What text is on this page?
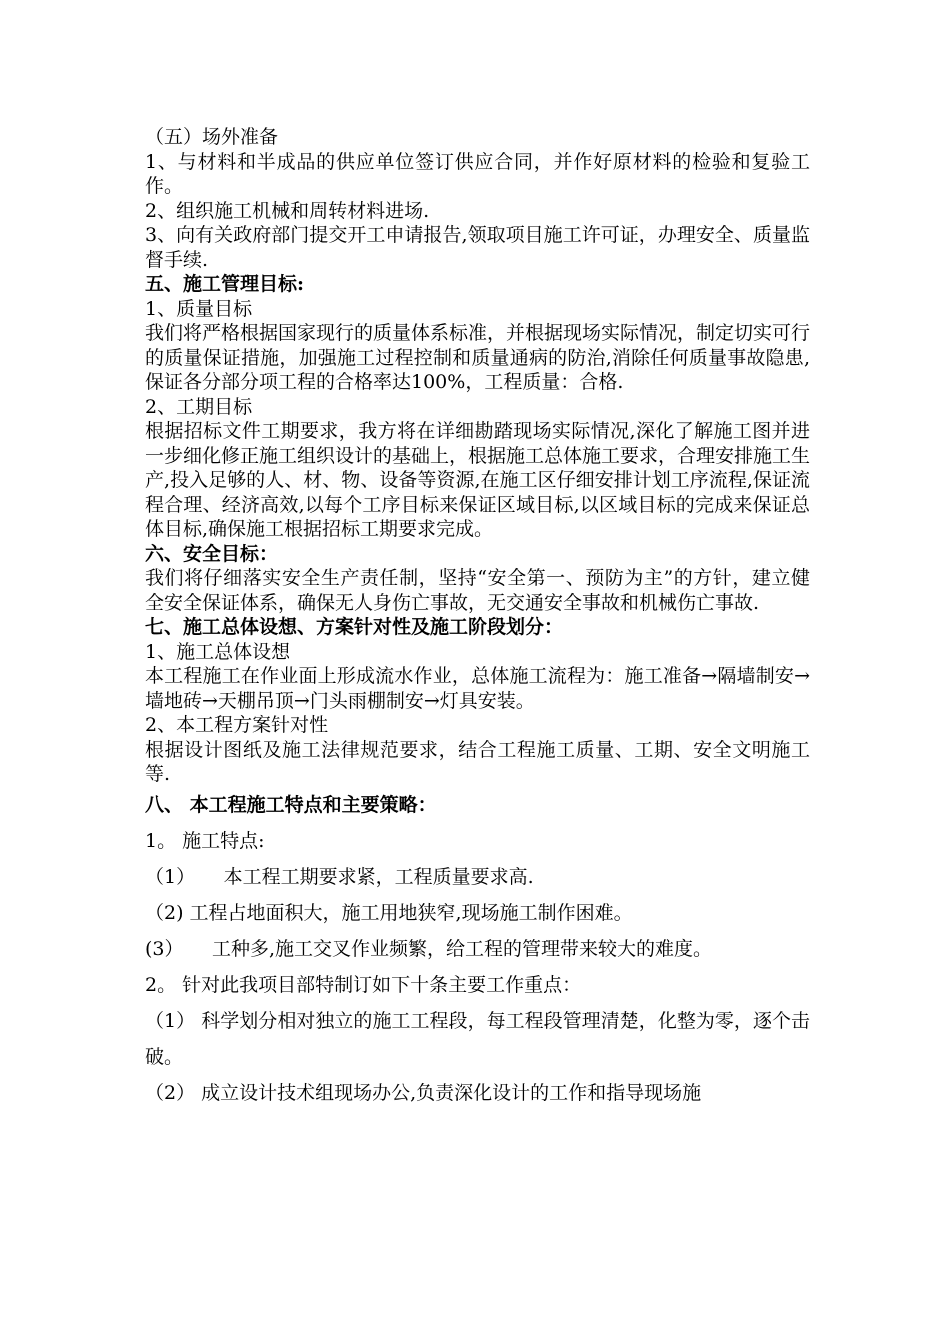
（五）场外准备

1、与材料和半成品的供应单位签订供应合同，并作好原材料的检验和复验工作。

2、组织施工机械和周转材料进场.

3、向有关政府部门提交开工申请报告,领取项目施工许可证，办理安全、质量监督手续.

五、施工管理目标:

1、质量目标

我们将严格根据国家现行的质量体系标准，并根据现场实际情况，制定切实可行的质量保证措施，加强施工过程控制和质量通病的防治,消除任何质量事故隐患,保证各分部分项工程的合格率达100%，工程质量：合格.

2、工期目标

根据招标文件工期要求，我方将在详细勘踏现场实际情况,深化了解施工图并进一步细化修正施工组织设计的基础上，根据施工总体施工要求，合理安排施工生产,投入足够的人、材、物、设备等资源,在施工区仔细安排计划工序流程,保证流程合理、经济高效,以每个工序目标来保证区域目标,以区域目标的完成来保证总体目标,确保施工根据招标工期要求完成。

六、安全目标：

我们将仔细落实安全生产责任制，坚持“安全第一、预防为主”的方针，建立健全安全保证体系，确保无人身伤亡事故，无交通安全事故和机械伤亡事故.

七、施工总体设想、方案针对性及施工阶段划分：

1、施工总体设想

本工程施工在作业面上形成流水作业，总体施工流程为：施工准备→隔墙制安→墙地砖→天棚吊顶→门头雨棚制安→灯具安装。

2、本工程方案针对性

根据设计图纸及施工法律规范要求，结合工程施工质量、工期、安全文明施工等.

八、 本工程施工特点和主要策略：

1。 施工特点:

（1）　　本工程工期要求紧，工程质量要求高.

（2) 工程占地面积大，施工用地狭窄,现场施工制作困难。

(3）　　工种多,施工交叉作业频繁，给工程的管理带来较大的难度。

2。 针对此我项目部特制订如下十条主要工作重点：

（1） 科学划分相对独立的施工工程段，每工程段管理清楚，化整为零，逐个击破。

（2） 成立设计技术组现场办公,负责深化设计的工作和指导现场施
